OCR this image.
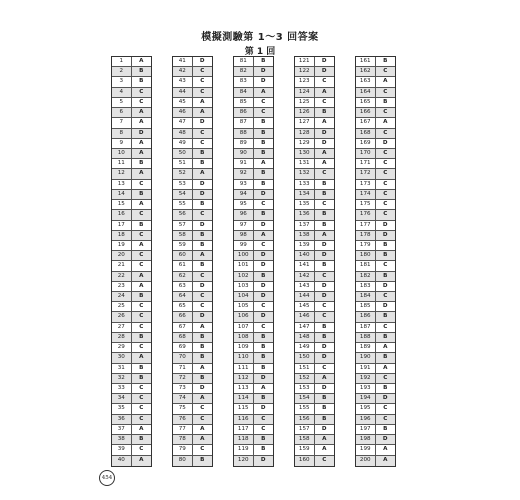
模擬測驗第 1～3 回答案
第 1 回
1	A
2	B
3	B
4	C
5	C
6	A
7	A
8	D
9	A
10	A
11	B
12	A
13	C
14	B
15	A
16	C
17	B
18	C
19	A
20	C
21	C
22	A
23	A
24	B
25	C
26	C
27	C
28	B
29	C
30	A
31	B
32	B
33	C
34	C
35	C
36	C
37	A
38	B
39	C
40	A
41	D
42	C
43	C
44	C
45	A
46	A
47	D
48	C
49	C
50	B
51	B
52	A
53	D
54	D
55	B
56	C
57	D
58	B
59	B
60	A
61	B
62	C
63	D
64	C
65	C
66	D
67	A
68	B
69	B
70	B
71	A
72	B
73	D
74	A
75	C
76	C
77	A
78	A
79	C
80	B
81	B
82	D
83	D
84	A
85	C
86	C
87	B
88	B
89	B
90	B
91	A
92	B
93	B
94	D
95	C
96	B
97	D
98	A
99	C
100	D
101	D
102	B
103	D
104	D
105	C
106	D
107	C
108	B
109	B
110	B
111	B
112	D
113	A
114	B
115	D
116	C
117	C
118	B
119	B
120	D
121	D
122	D
123	C
124	A
125	C
126	B
127	A
128	D
129	D
130	A
131	A
132	C
133	B
134	B
135	C
136	B
137	B
138	A
139	D
140	D
141	B
142	C
143	D
144	D
145	C
146	C
147	B
148	B
149	D
150	D
151	C
152	A
153	D
154	B
155	B
156	B
157	D
158	A
159	A
160	C
161	B
162	C
163	A
164	C
165	B
166	C
167	A
168	C
169	D
170	C
171	C
172	C
173	C
174	C
175	C
176	C
177	D
178	D
179	B
180	B
181	C
182	B
183	D
184	C
185	D
186	B
187	C
188	B
189	A
190	B
191	A
192	C
193	B
194	D
195	C
196	C
197	B
198	D
199	A
200	A
454
